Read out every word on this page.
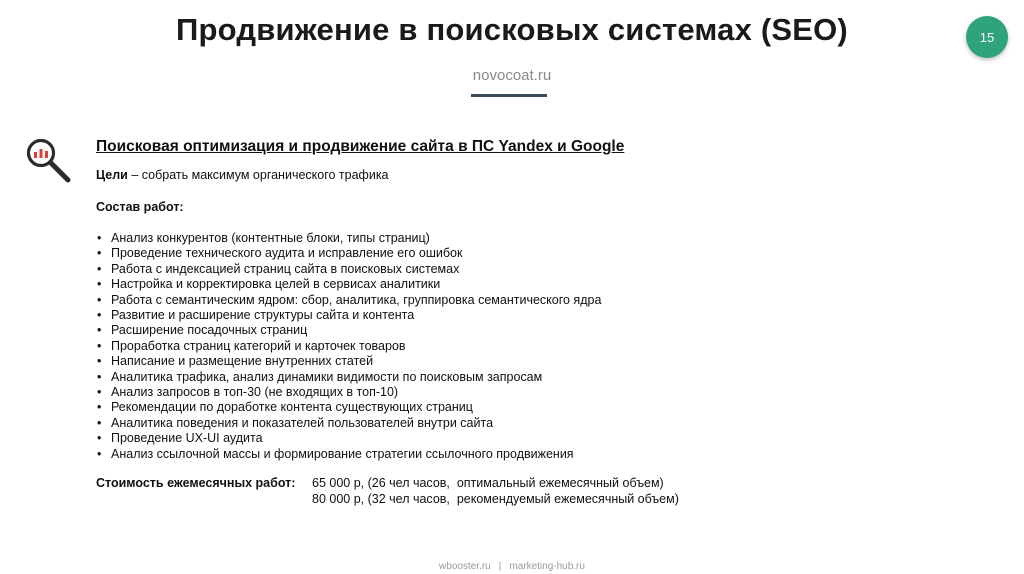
Продвижение в поисковых системах (SEO)	15
novocoat.ru
Поисковая оптимизация и продвижение сайта в ПС Yandex и Google
Цели – собрать максимум органического трафика
Состав работ:
• Анализ конкурентов (контентные блоки, типы страниц)
• Проведение технического аудита и исправление его ошибок
• Работа с индексацией страниц сайта в поисковых системах
• Настройка и корректировка целей в сервисах аналитики
• Работа с семантическим ядром: сбор, аналитика, группировка семантического ядра
• Развитие и расширение структуры сайта и контента
• Расширение посадочных страниц
• Проработка страниц категорий и карточек товаров
• Написание и размещение внутренних статей
• Аналитика трафика, анализ динамики видимости по поисковым запросам
• Анализ запросов в топ-30 (не входящих в топ-10)
• Рекомендации по доработке контента существующих страниц
• Аналитика поведения и показателей пользователей внутри сайта
• Проведение UX-UI аудита
• Анализ ссылочной массы и формирование стратегии ссылочного продвижения
Стоимость ежемесячных работ:	65 000 р, (26 чел часов,  оптимальный ежемесячный объем)
80 000 р, (32 чел часов,  рекомендуемый ежемесячный объем)
wbooster.ru | marketing-hub.ru
